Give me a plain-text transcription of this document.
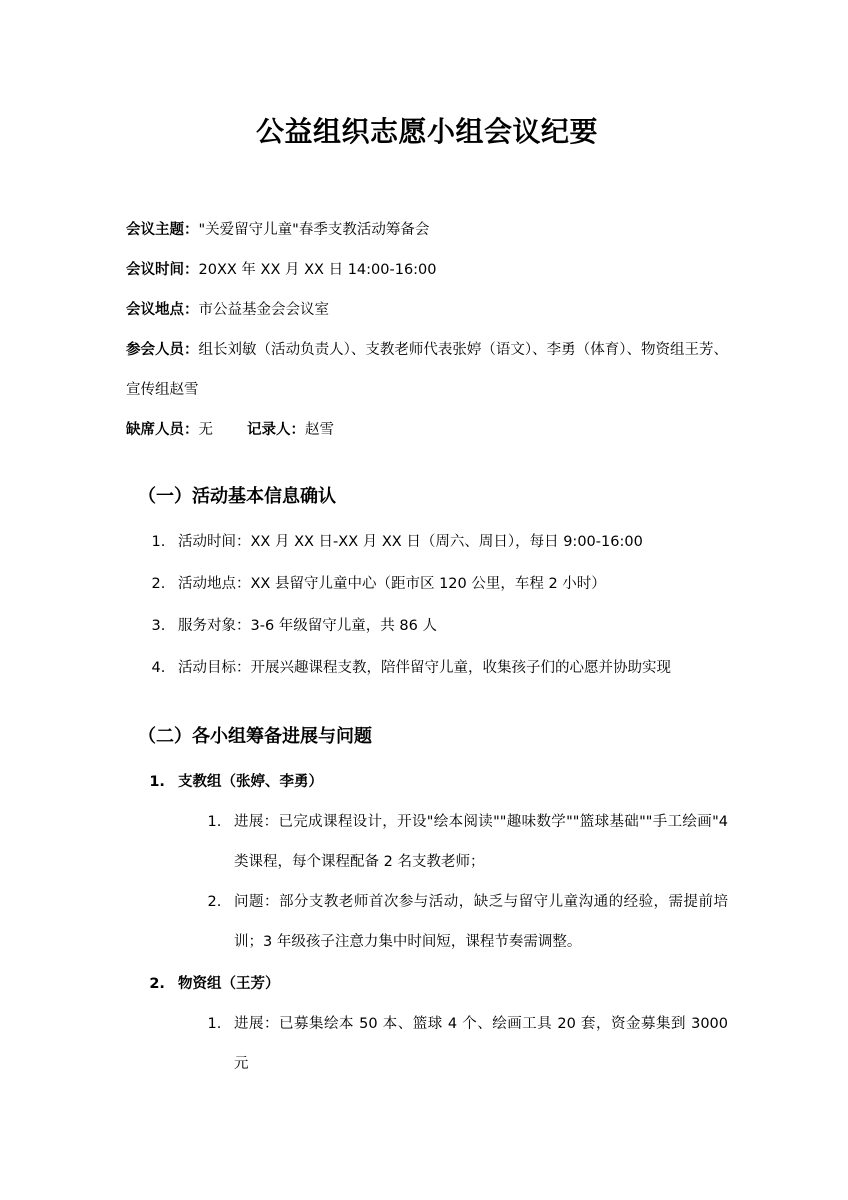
公益组织志愿小组会议纪要

会议主题："关爱留守儿童"春季支教活动筹备会

会议时间：20XX 年 XX 月 XX 日 14:00-16:00

会议地点：市公益基金会会议室

参会人员：组长刘敏（活动负责人）、支教老师代表张婷（语文）、李勇（体育）、物资组王芳、宣传组赵雪

缺席人员：无 记录人：赵雪

（一）活动基本信息确认
1. 活动时间：XX 月 XX 日-XX 月 XX 日（周六、周日），每日 9:00-16:00
2. 活动地点：XX 县留守儿童中心（距市区 120 公里，车程 2 小时）
3. 服务对象：3-6 年级留守儿童，共 86 人
4. 活动目标：开展兴趣课程支教，陪伴留守儿童，收集孩子们的心愿并协助实现
（二）各小组筹备进展与问题
1. 支教组（张婷、李勇）
1. 进展：已完成课程设计，开设"绘本阅读""趣味数学""篮球基础""手工绘画"4 类课程，每个课程配备 2 名支教老师；
2. 问题：部分支教老师首次参与活动，缺乏与留守儿童沟通的经验，需提前培训；3 年级孩子注意力集中时间短，课程节奏需调整。
2. 物资组（王芳）
1. 进展：已募集绘本 50 本、篮球 4 个、绘画工具 20 套，资金募集到 3000 元
